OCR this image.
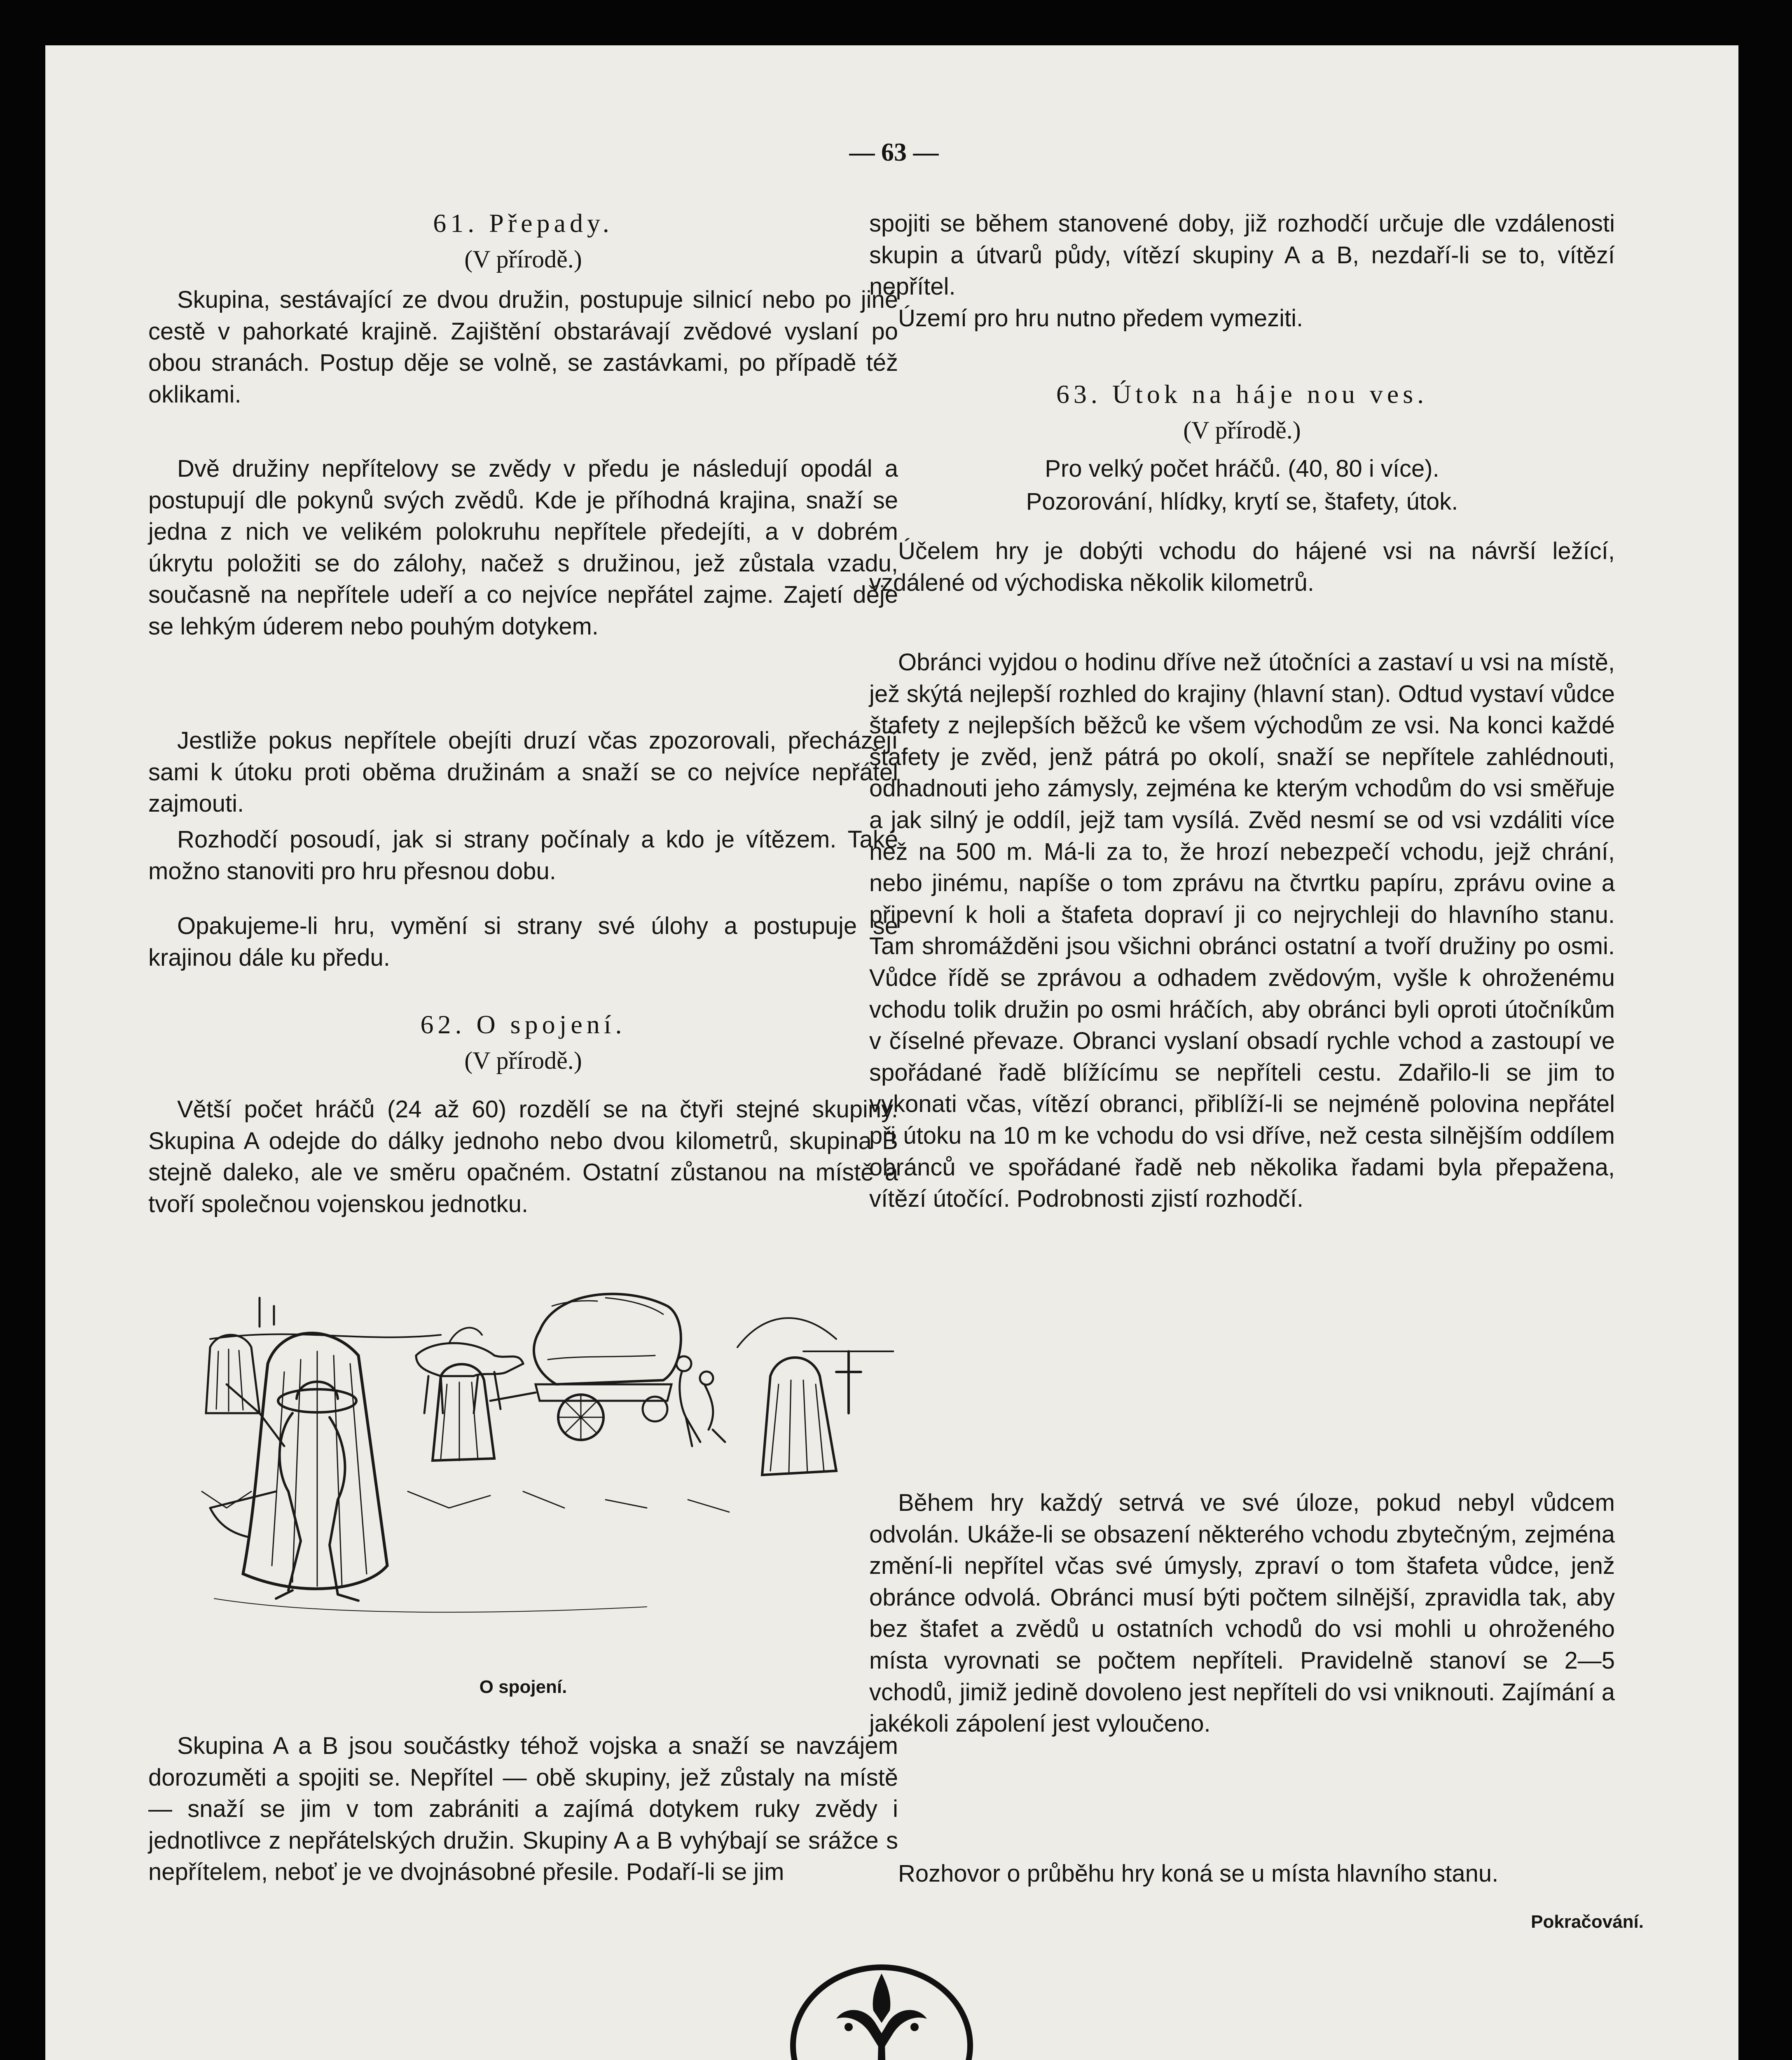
— 63 —
61. Přepady.
(V přírodě.)

Skupina, sestávající ze dvou družin, postupuje silnicí nebo po jiné cestě v pahorkaté krajině. Zajištění obstarávají zvědové vyslaní po obou stranách. Postup děje se volně, se zastávkami, po případě též oklikami.

Dvě družiny nepřítelovy se zvědy v předu je následují opodál a postupují dle pokynů svých zvědů. Kde je příhodná krajina, snaží se jedna z nich ve velikém polokruhu nepřítele předejíti, a v dobrém úkrytu položiti se do zálohy, načež s družinou, jež zůstala vzadu, současně na nepřítele udeří a co nejvíce nepřátel zajme. Zajetí děje se lehkým úderem nebo pouhým dotykem.

Jestliže pokus nepřítele obejíti druzí včas zpozorovali, přecházejí sami k útoku proti oběma družinám a snaží se co nejvíce nepřátel zajmouti.

Rozhodčí posoudí, jak si strany počínaly a kdo je vítězem. Také možno stanoviti pro hru přesnou dobu.

Opakujeme-li hru, vymění si strany své úlohy a postupuje se krajinou dále ku předu.

62. O spojení.
(V přírodě.)

Větší počet hráčů (24 až 60) rozdělí se na čtyři stejné skupiny. Skupina A odejde do dálky jednoho nebo dvou kilometrů, skupina B stejně daleko, ale ve směru opačném. Ostatní zůstanou na místě a tvoří společnou vojenskou jednotku.

O spojení.

Skupina A a B jsou součástky téhož vojska a snaží se navzájem dorozuměti a spojiti se. Nepřítel — obě skupiny, jež zůstaly na místě — snaží se jim v tom zabrániti a zajímá dotykem ruky zvědy i jednotlivce z nepřátelských družin. Skupiny A a B vyhýbají se srážce s nepřítelem, neboť je ve dvojnásobné přesile. Podaří-li se jim

spojiti se během stanovené doby, již rozhodčí určuje dle vzdálenosti skupin a útvarů půdy, vítězí skupiny A a B, nezdaří-li se to, vítězí nepřítel.

Území pro hru nutno předem vymeziti.

63. Útok na háje nou ves.
(V přírodě.)

Pro velký počet hráčů. (40, 80 i více).

Pozorování, hlídky, krytí se, štafety, útok.

Účelem hry je dobýti vchodu do hájené vsi na návrší ležící, vzdálené od východiska několik kilometrů.

Obránci vyjdou o hodinu dříve než útočníci a zastaví u vsi na místě, jež skýtá nejlepší rozhled do krajiny (hlavní stan). Odtud vystaví vůdce štafety z nejlepších běžců ke všem východům ze vsi. Na konci každé štafety je zvěd, jenž pátrá po okolí, snaží se nepřítele zahlédnouti, odhadnouti jeho zámysly, zejména ke kterým vchodům do vsi směřuje a jak silný je oddíl, jejž tam vysílá. Zvěd nesmí se od vsi vzdáliti více než na 500 m. Má-li za to, že hrozí nebezpečí vchodu, jejž chrání, nebo jinému, napíše o tom zprávu na čtvrtku papíru, zprávu ovine a připevní k holi a štafeta dopraví ji co nejrychleji do hlavního stanu. Tam shromážděni jsou všichni obránci ostatní a tvoří družiny po osmi. Vůdce řídě se zprávou a odhadem zvědovým, vyšle k ohroženému vchodu tolik družin po osmi hráčích, aby obránci byli oproti útočníkům v číselné převaze. Obranci vyslaní obsadí rychle vchod a zastoupí ve spořádané řadě blížícímu se nepříteli cestu. Zdařilo-li se jim to vykonati včas, vítězí obranci, přiblíží-li se nejméně polovina nepřátel při útoku na 10 m ke vchodu do vsi dříve, než cesta silnějším oddílem obránců ve spořádané řadě neb několika řadami byla přepažena, vítězí útočící. Podrobnosti zjistí rozhodčí.

Během hry každý setrvá ve své úloze, pokud nebyl vůdcem odvolán. Ukáže-li se obsazení některého vchodu zbytečným, zejména změní-li nepřítel včas své úmysly, zpraví o tom štafeta vůdce, jenž obránce odvolá. Obránci musí býti počtem silnější, zpravidla tak, aby bez štafet a zvědů u ostatních vchodů do vsi mohli u ohroženého místa vyrovnati se počtem nepříteli. Pravidelně stanoví se 2—5 vchodů, jimiž jedině dovoleno jest nepříteli do vsi vniknouti. Zajímání a jakékoli zápolení jest vyloučeno.

Rozhovor o průběhu hry koná se u místa hlavního stanu.

Pokračování.
